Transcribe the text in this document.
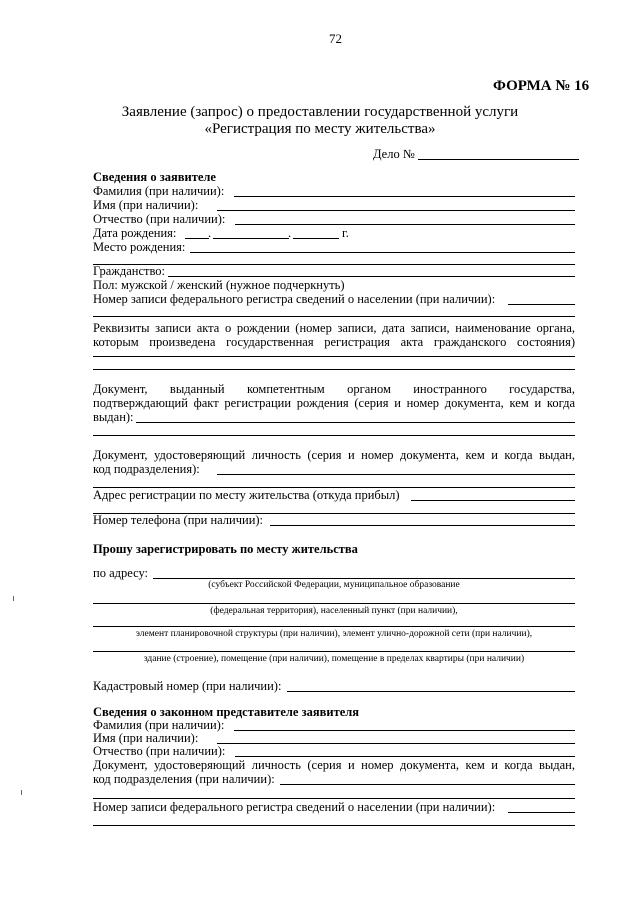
72
ФОРМА № 16
Заявление (запрос) о предоставлении государственной услуги
«Регистрация по месту жительства»
Дело №
Сведения о заявителе
Фамилия (при наличии):
Имя (при наличии):
Отчество (при наличии):
Дата рождения:	.	.	г.
Место рождения:
Гражданство:
Пол: мужской / женский (нужное подчеркнуть)
Номер записи федерального регистра сведений о населении (при наличии):
Реквизиты записи акта о рождении (номер записи, дата записи, наименование органа,
которым произведена государственная регистрация акта гражданского состояния)
Документ, выданный компетентным органом иностранного государства,
подтверждающий факт регистрации рождения (серия и номер документа, кем и когда
выдан):
Документ, удостоверяющий личность (серия и номер документа, кем и когда выдан,
код подразделения):
Адрес регистрации по месту жительства (откуда прибыл)
Номер телефона (при наличии):
Прошу зарегистрировать по месту жительства
по адресу:
(субъект Российской Федерации, муниципальное образование
(федеральная территория), населенный пункт (при наличии),
элемент планировочной структуры (при наличии), элемент улично-дорожной сети (при наличии),
здание (строение), помещение (при наличии), помещение в пределах квартиры (при наличии)
Кадастровый номер (при наличии):
Сведения о законном представителе заявителя
Фамилия (при наличии):
Имя (при наличии):
Отчество (при наличии):
Документ, удостоверяющий личность (серия и номер документа, кем и когда выдан,
код подразделения (при наличии):
Номер записи федерального регистра сведений о населении (при наличии):
